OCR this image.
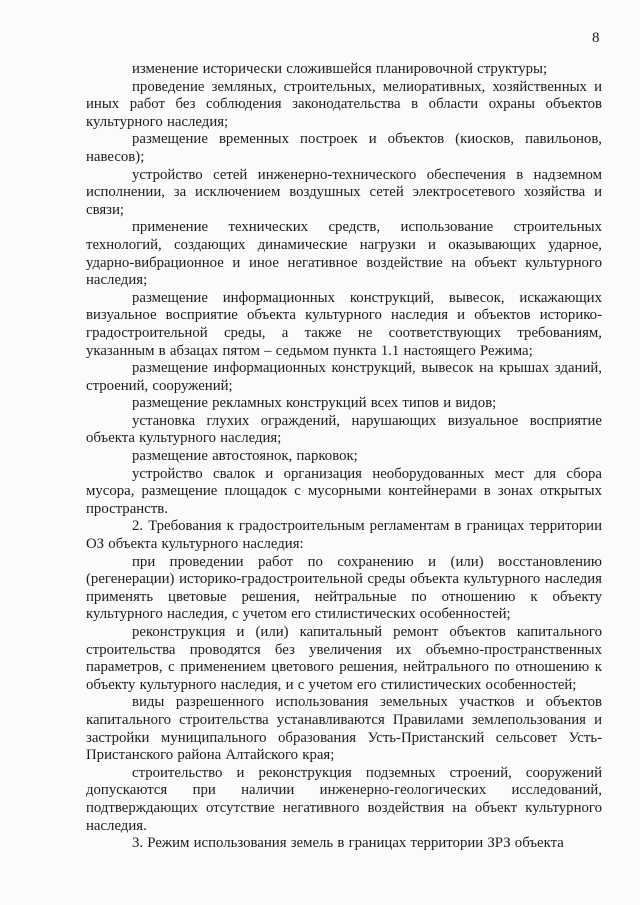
8

изменение исторически сложившейся планировочной структуры;

проведение земляных, строительных, мелиоративных, хозяйственных и иных работ без соблюдения законодательства в области охраны объектов культурного наследия;

размещение временных построек и объектов (киосков, павильонов, навесов);

устройство сетей инженерно-технического обеспечения в надземном исполнении, за исключением воздушных сетей электросетевого хозяйства и связи;

применение технических средств, использование строительных технологий, создающих динамические нагрузки и оказывающих ударное, ударно-вибрационное и иное негативное воздействие на объект культурного наследия;

размещение информационных конструкций, вывесок, искажающих визуальное восприятие объекта культурного наследия и объектов историко-градостроительной среды, а также не соответствующих требованиям, указанным в абзацах пятом – седьмом пункта 1.1 настоящего Режима;

размещение информационных конструкций, вывесок на крышах зданий, строений, сооружений;

размещение рекламных конструкций всех типов и видов;

установка глухих ограждений, нарушающих визуальное восприятие объекта культурного наследия;

размещение автостоянок, парковок;

устройство свалок и организация необорудованных мест для сбора мусора, размещение площадок с мусорными контейнерами в зонах открытых пространств.

2. Требования к градостроительным регламентам в границах территории ОЗ объекта культурного наследия:

при проведении работ по сохранению и (или) восстановлению (регенерации) историко-градостроительной среды объекта культурного наследия применять цветовые решения, нейтральные по отношению к объекту культурного наследия, с учетом его стилистических особенностей;

реконструкция и (или) капитальный ремонт объектов капитального строительства проводятся без увеличения их объемно-пространственных параметров, с применением цветового решения, нейтрального по отношению к объекту культурного наследия, и с учетом его стилистических особенностей;

виды разрешенного использования земельных участков и объектов капитального строительства устанавливаются Правилами землепользования и застройки муниципального образования Усть-Пристанский сельсовет Усть-Пристанского района Алтайского края;

строительство и реконструкция подземных строений, сооружений допускаются при наличии инженерно-геологических исследований, подтверждающих отсутствие негативного воздействия на объект культурного наследия.

3. Режим использования земель в границах территории ЗРЗ объекта
